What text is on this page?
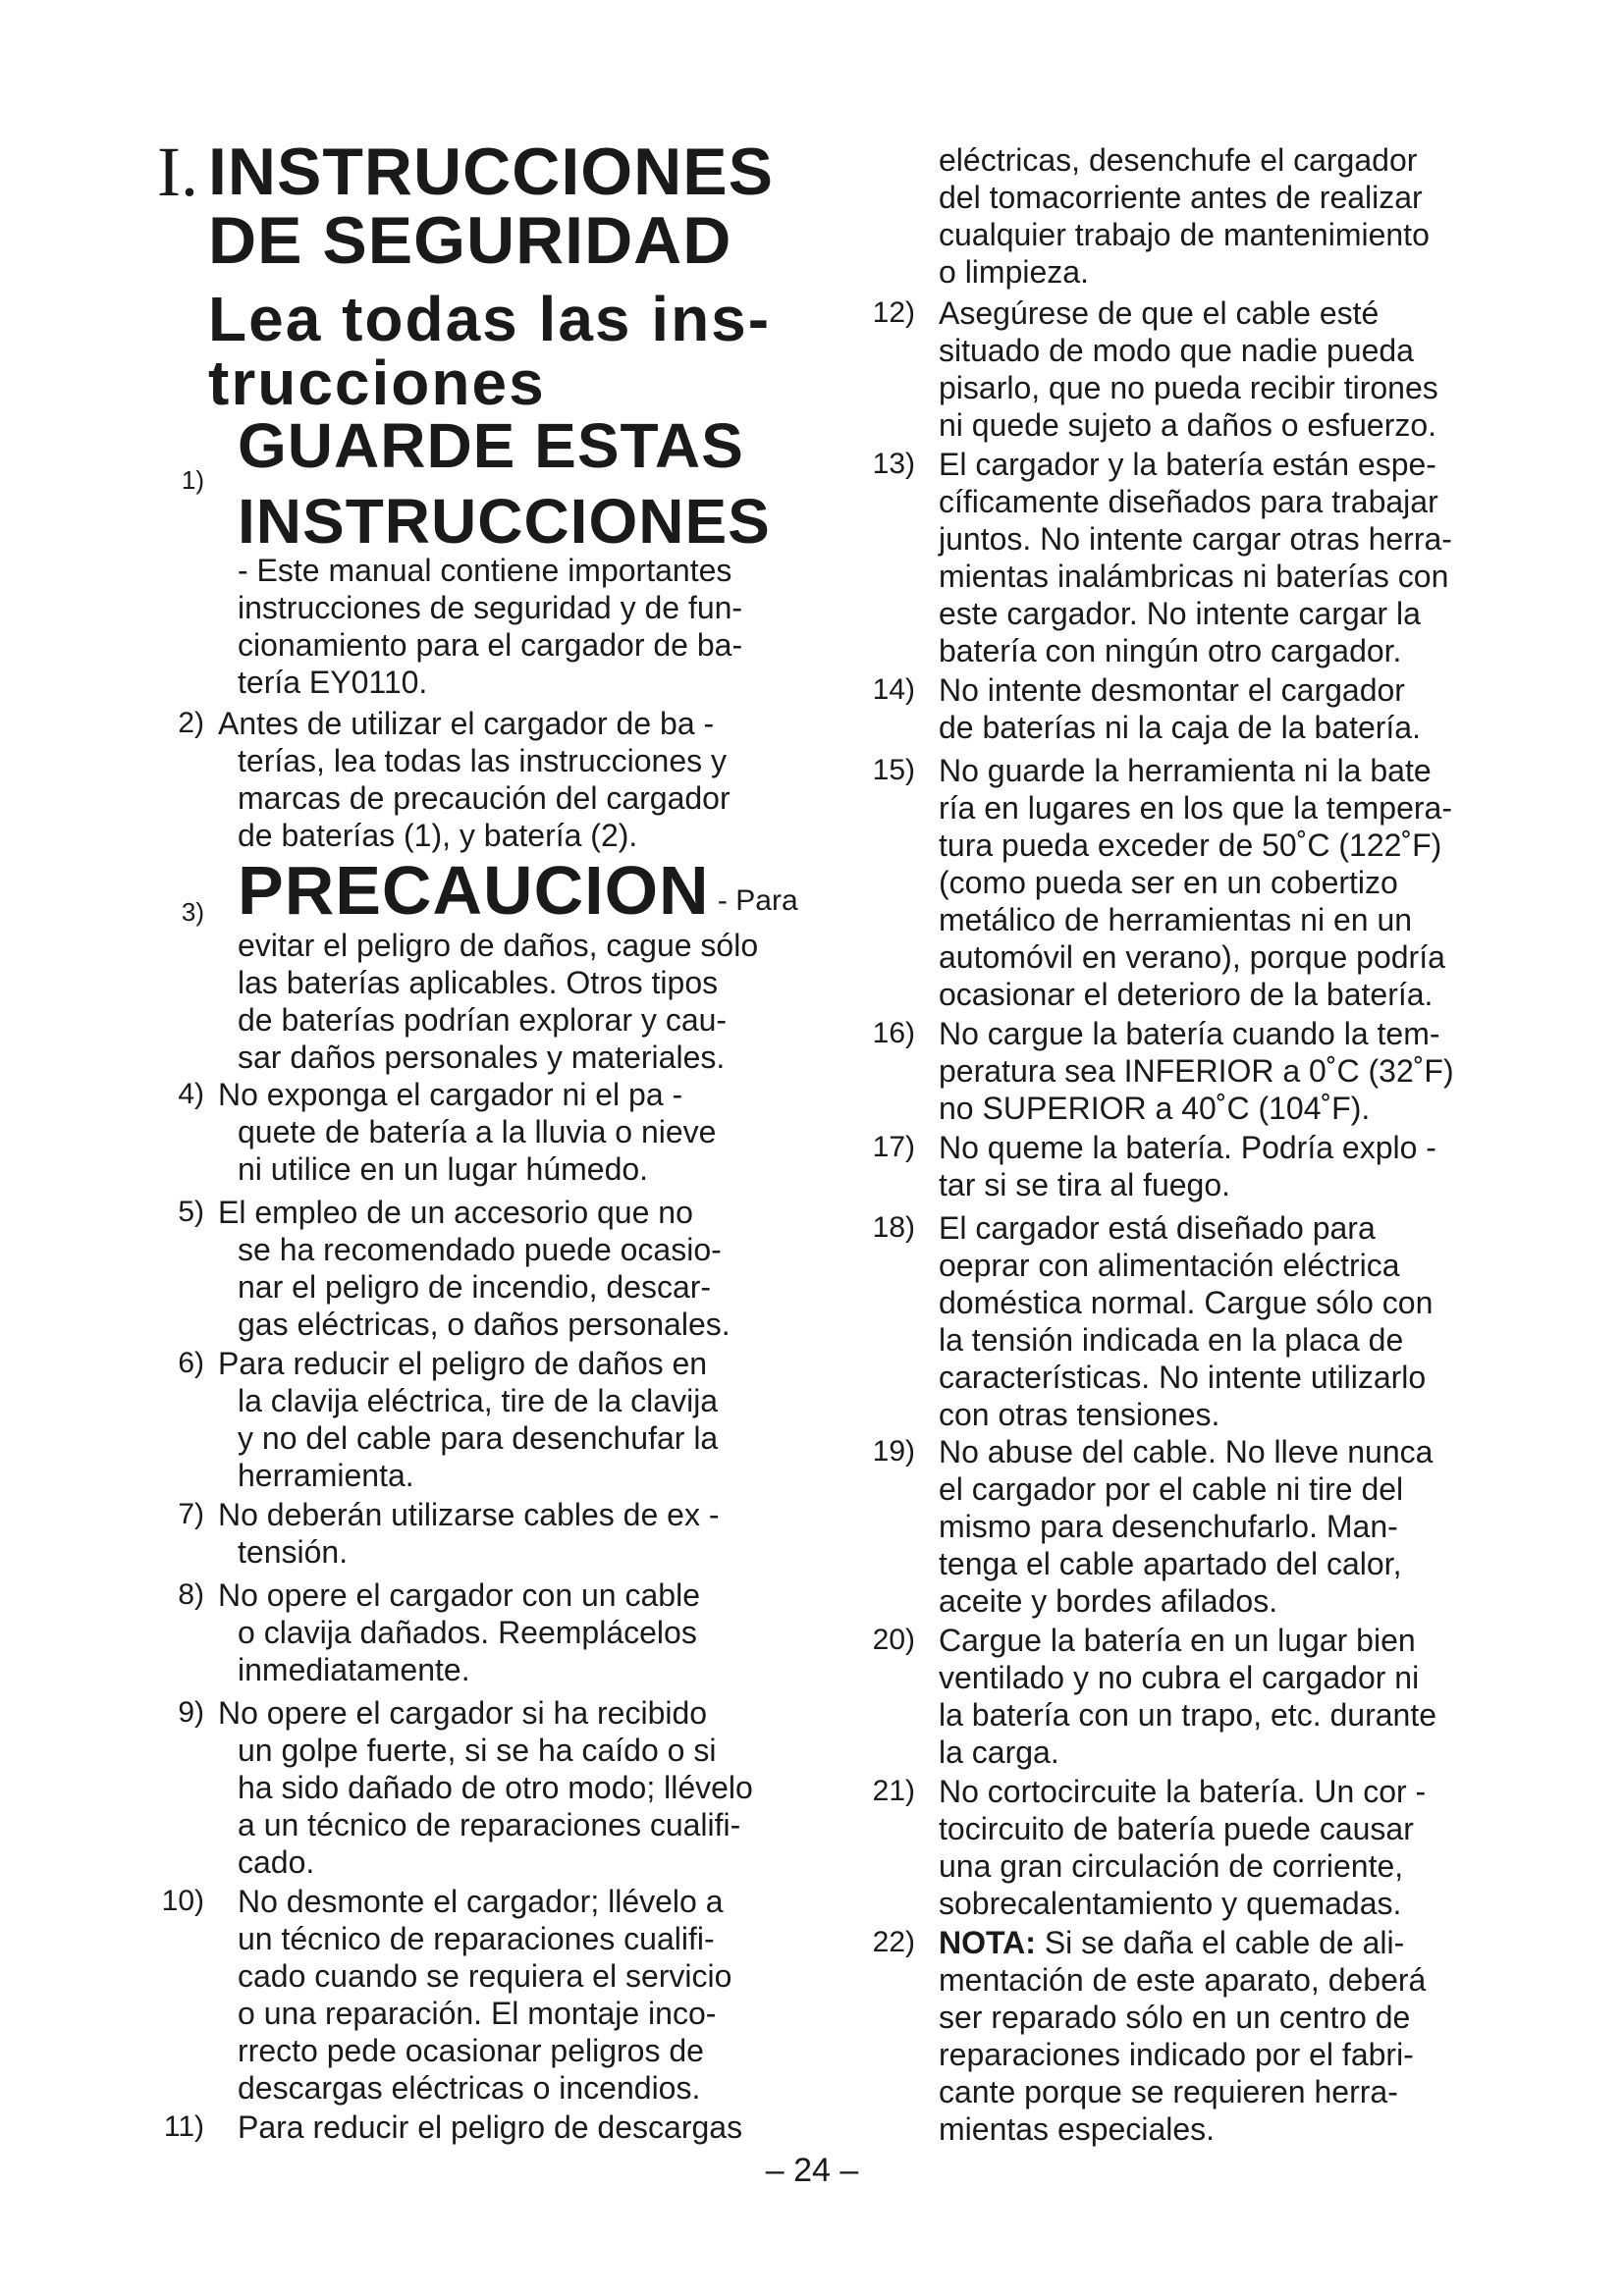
I. INSTRUCCIONES
DE SEGURIDAD
Lea todas las ins-
trucciones
1) GUARDE ESTAS
INSTRUCCIONES
- Este manual contiene importantes
instrucciones de seguridad y de fun-
cionamiento para el cargador de ba-
tería EY0110.
2) Antes de utilizar el cargador de ba -
terías, lea todas las instrucciones y
marcas de precaución del cargador
de baterías (1), y batería (2).
3) PRECAUCION - Para
evitar el peligro de daños, cague sólo
las baterías aplicables. Otros tipos
de baterías podrían explorar y cau-
sar daños personales y materiales.
4) No exponga el cargador ni el pa -
quete de batería a la lluvia o nieve
ni utilice en un lugar húmedo.
5) El empleo de un accesorio que no
se ha recomendado puede ocasio-
nar el peligro de incendio, descar-
gas eléctricas, o daños personales.
6) Para reducir el peligro de daños en
la clavija eléctrica, tire de la clavija
y no del cable para desenchufar la
herramienta.
7) No deberán utilizarse cables de ex -
tensión.
8) No opere el cargador con un cable
o clavija dañados. Reemplácelos
inmediatamente.
9) No opere el cargador si ha recibido
un golpe fuerte, si se ha caído o si
ha sido dañado de otro modo; llévelo
a un técnico de reparaciones cualifi-
cado.
10) No desmonte el cargador; llévelo a
un técnico de reparaciones cualifi-
cado cuando se requiera el servicio
o una reparación. El montaje inco-
rrecto pede ocasionar peligros de
descargas eléctricas o incendios.
11) Para reducir el peligro de descargas
eléctricas, desenchufe el cargador
del tomacorriente antes de realizar
cualquier trabajo de mantenimiento
o limpieza.
12) Asegúrese de que el cable esté
situado de modo que nadie pueda
pisarlo, que no pueda recibir tirones
ni quede sujeto a daños o esfuerzo.
13) El cargador y la batería están espe-
cíficamente diseñados para trabajar
juntos. No intente cargar otras herra-
mientas inalámbricas ni baterías con
este cargador. No intente cargar la
batería con ningún otro cargador.
14) No intente desmontar el cargador
de baterías ni la caja de la batería.
15) No guarde la herramienta ni la bate
ría en lugares en los que la tempera-
tura pueda exceder de 50˚C (122˚F)
(como pueda ser en un cobertizo
metálico de herramientas ni en un
automóvil en verano), porque podría
ocasionar el deterioro de la batería.
16) No cargue la batería cuando la tem-
peratura sea INFERIOR a 0˚C (32˚F)
no SUPERIOR a 40˚C (104˚F).
17) No queme la batería. Podría explo -
tar si se tira al fuego.
18) El cargador está diseñado para
oeprar con alimentación eléctrica
doméstica normal. Cargue sólo con
la tensión indicada en la placa de
características. No intente utilizarlo
con otras tensiones.
19) No abuse del cable. No lleve nunca
el cargador por el cable ni tire del
mismo para desenchufarlo. Man-
tenga el cable apartado del calor,
aceite y bordes afilados.
20) Cargue la batería en un lugar bien
ventilado y no cubra el cargador ni
la batería con un trapo, etc. durante
la carga.
21) No cortocircuite la batería. Un cor -
tocircuito de batería puede causar
una gran circulación de corriente,
sobrecalentamiento y quemadas.
22) NOTA: Si se daña el cable de ali-
mentación de este aparato, deberá
ser reparado sólo en un centro de
reparaciones indicado por el fabri-
cante porque se requieren herra-
mientas especiales.
– 24 –
